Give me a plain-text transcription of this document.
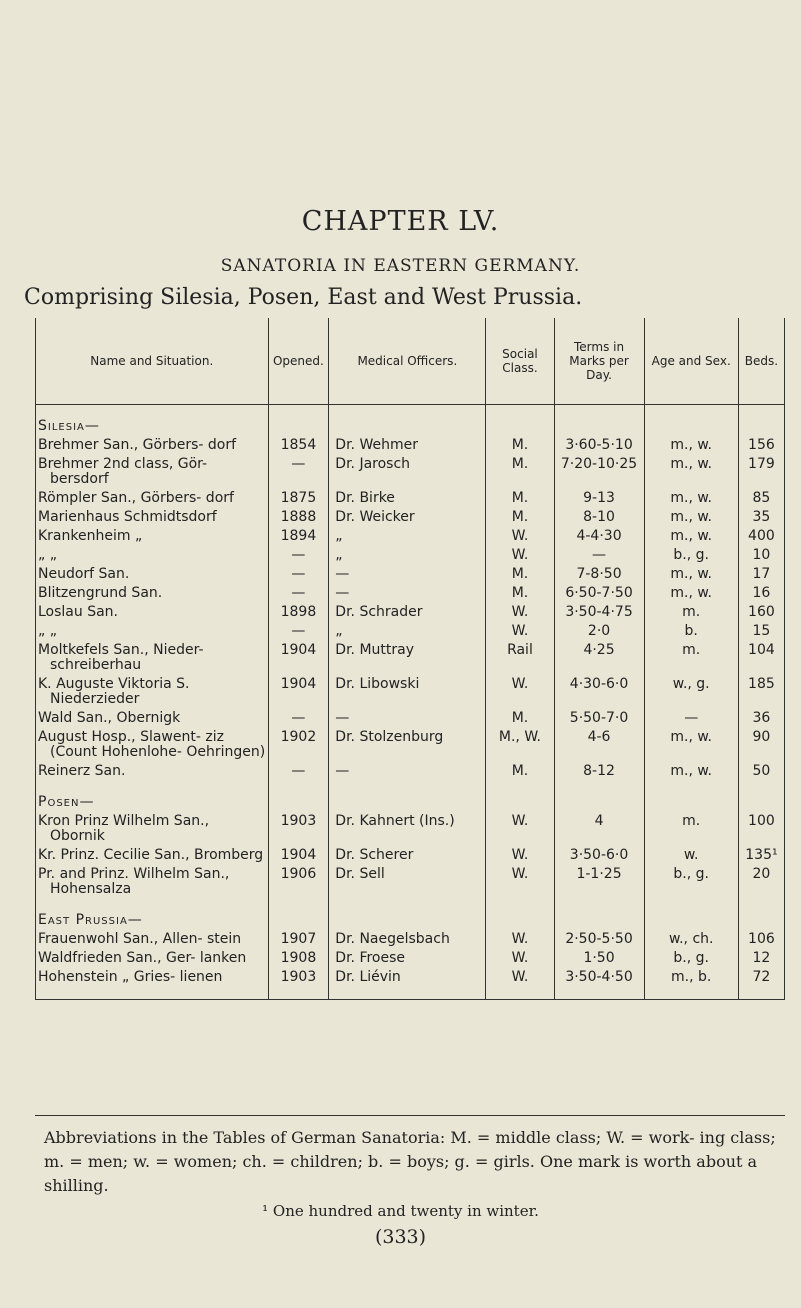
CHAPTER LV.
SANATORIA IN EASTERN GERMANY.
Comprising Silesia, Posen, East and West Prussia.
Name and Situation.	Opened.	Medical Officers.	Social Class.	Terms in Marks per Day.	Age and Sex.	Beds.
Silesia—						
Brehmer San., Görbers- dorf	1854	Dr. Wehmer	M.	3·60-5·10	m., w.	156
Brehmer 2nd class, Gör- bersdorf	—	Dr. Jarosch	M.	7·20-10·25	m., w.	179
Römpler San., Görbers- dorf	1875	Dr. Birke	M.	9-13	m., w.	85
Marienhaus Schmidtsdorf	1888	Dr. Weicker	M.	8-10	m., w.	35
Krankenheim „	1894	„	W.	4-4·30	m., w.	400
„ „	—	„	W.	—	b., g.	10
Neudorf San.	—	—	M.	7-8·50	m., w.	17
Blitzengrund San.	—	—	M.	6·50-7·50	m., w.	16
Loslau San.	1898	Dr. Schrader	W.	3·50-4·75	m.	160
„ „	—	„	W.	2·0	b.	15
Moltkefels San., Nieder- schreiberhau	1904	Dr. Muttray	Rail	4·25	m.	104
K. Auguste Viktoria S. Niederzieder	1904	Dr. Libowski	W.	4·30-6·0	w., g.	185
Wald San., Obernigk	—	—	M.	5·50-7·0	—	36
August Hosp., Slawent- ziz (Count Hohenlohe- Oehringen)	1902	Dr. Stolzenburg	M., W.	4-6	m., w.	90
Reinerz San.	—	—	M.	8-12	m., w.	50
Posen—						
Kron Prinz Wilhelm San., Obornik	1903	Dr. Kahnert (Ins.)	W.	4	m.	100
Kr. Prinz. Cecilie San., Bromberg	1904	Dr. Scherer	W.	3·50-6·0	w.	135¹
Pr. and Prinz. Wilhelm San., Hohensalza	1906	Dr. Sell	W.	1-1·25	b., g.	20
East Prussia—						
Frauenwohl San., Allen- stein	1907	Dr. Naegelsbach	W.	2·50-5·50	w., ch.	106
Waldfrieden San., Ger- lanken	1908	Dr. Froese	W.	1·50	b., g.	12
Hohenstein „ Gries- lienen	1903	Dr. Liévin	W.	3·50-4·50	m., b.	72
Abbreviations in the Tables of German Sanatoria: M. = middle class; W. = work- ing class; m. = men; w. = women; ch. = children; b. = boys; g. = girls. One mark is worth about a shilling.
¹ One hundred and twenty in winter.
(333)
